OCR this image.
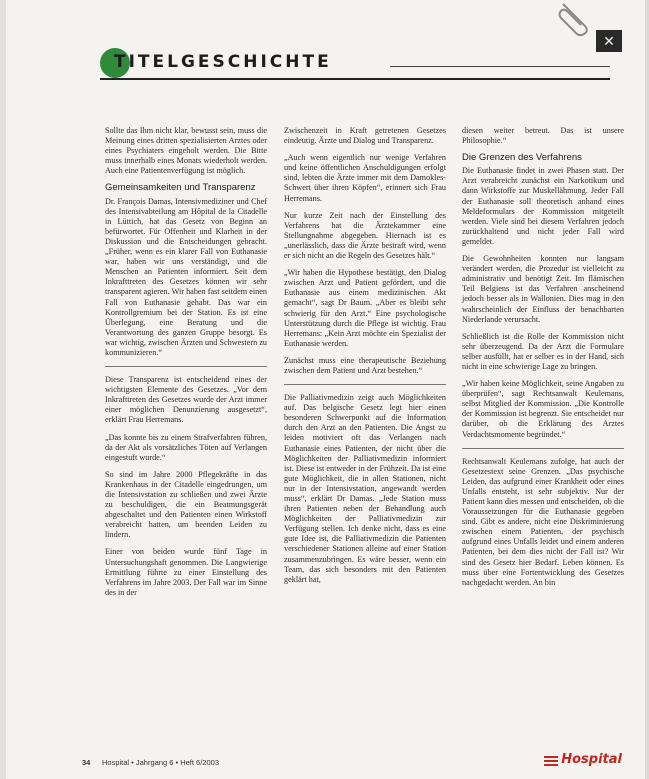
TITELGESCHICHTE
✕

Sollte das Ihm nicht klar, bewusst sein, muss die Meinung eines dritten spezialisierten Arztes oder eines Psychiaters eingeholt werden. Die Bitte muss innerhalb eines Monats wiederholt werden. Auch eine Patientenverfügung ist möglich.

Gemeinsamkeiten und Transparenz

Dr. François Damas, Intensivmediziner und Chef des Intensivabteilung am Hôpital de la Citadelle in Lüttich, hat das Gesetz von Beginn an befürwortet. Für Offenheit und Klarheit in der Diskussion und die Entscheidungen gebracht. „Früher, wenn es ein klarer Fall von Euthanasie war, haben wir uns verständigt, und die Menschen an Patienten informiert. Seit dem Inkrafttreten des Gesetzes können wir sehr transparent agieren. Wir haben fast seitdem einen Fall von Euthanasie gehabt. Das war ein Kontrollgremium bei der Station. Es ist eine Überlegung, eine Beratung und die Verantwortung des ganzen Gruppe besorgt. Es war wichtig, zwischen Ärzten und Schwestern zu kommunizieren.“

Diese Transparenz ist entscheidend eines der wichtigsten Elemente des Gesetzes. „Vor dem Inkrafttreten des Gesetzes wurde der Arzt immer einer möglichen Denunzierung ausgesetzt“, erklärt Frau Herremans.

„Das konnte bis zu einem Strafverfahren führen, da der Akt als vorsätzliches Töten auf Verlangen eingestuft wurde.“

So sind im Jahre 2000 Pflegekräfte in das Krankenhaus in der Citadelle eingedrungen, um die Intensivstation zu schließen und zwei Ärzte zu beschuldigen, die ein Beatmungsgerät abgeschaltet und den Patienten einen Wirkstoff verabreicht hatten, um beenden Leiden zu lindern.

Einer von beiden wurde fünf Tage in Untersuchungshaft genommen. Die Langwierige Ermittlung führte zu einer Einstellung des Verfahrens im Jahre 2003. Der Fall war im Sinne des in der

Zwischenzeit in Kraft getretenen Gesetzes eindeutig. Ärzte und Dialog und Transparenz.

„Auch wenn eigentlich nur wenige Verfahren und keine öffentlichen Anschuldigungen erfolgt sind, lebten die Ärzte immer mit dem Damokles-Schwert über ihren Köpfen“, erinnert sich Frau Herremans.

Nur kurze Zeit nach der Einstellung des Verfahrens hat die Ärztekammer eine Stellungnahme abgegeben. Hiernach ist es „unerlässlich, dass die Ärzte bestraft wird, wenn er sich nicht an die Regeln des Gesetzes hält.“

„Wir haben die Hypothese bestätigt, den Dialog zwischen Arzt und Patient gefördert, und die Euthanasie aus einem medizinischen Akt gemacht“, sagt Dr Baum. „Aber es bleibt sehr schwierig für den Arzt.“ Eine psychologische Unterstützung durch die Pflege ist wichtig. Frau Herremans: „Kein Arzt möchte ein Spezialist der Euthanasie werden.

Zunächst muss eine therapeutische Beziehung zwischen dem Patient und Arzt bestehen.“

Die Palliativmedizin zeigt auch Möglichkeiten auf. Das belgische Gesetz legt hier einen besonderen Schwerpunkt auf die Information durch den Arzt an den Patienten. Die Angst zu leiden motiviert oft das Verlangen nach Euthanasie eines Patienten, der nicht über die Möglichkeiten der Palliativmedizin informiert ist. Diese ist entweder in der Frühzeit. Da ist eine gute Möglichkeit, die in allen Stationen, nicht nur in der Intensivstation, angewandt werden muss“, erklärt Dr Damas. „Jede Station muss ihren Patienten neben der Behandlung auch Möglichkeiten der Palliativmedizin zur Verfügung stellen. Ich denke nicht, dass es eine gute Idee ist, die Palliativmedizin die Patienten verschiedener Stationen alleine auf einer Station zusammenzubringen. Es wäre besser, wenn ein Team, das sich besonders mit den Patienten geklärt hat,

diesen weiter betreut. Das ist unsere Philosophie.“

Die Grenzen des Verfahrens

Die Euthanasie findet in zwei Phasen statt. Der Arzt verabreicht zunächst ein Narkotikum und dann Wirkstoffe zur Muskellähmung. Jeder Fall der Euthanasie soll theoretisch anhand eines Meldeformulars der Kommission mitgeteilt werden. Viele sind bei diesem Verfahren jedoch zurückhaltend und nicht jeder Fall wird gemeldet.

Die Gewohnheiten konnten nur langsam verändert werden, die Prozedur ist vielleicht zu administrativ und benötigt Zeit. Im flämischen Teil Belgiens ist das Verfahren anscheinend jedoch besser als in Wallonien. Dies mag in den wahrscheinlich der Einfluss der benachbarten Niederlande verursacht.

Schließlich ist die Rolle der Kommission nicht sehr überzeugend. Da der Arzt die Formulare selber ausfüllt, hat er selber es in der Hand, sich nicht in eine schwierige Lage zu bringen.

„Wir haben keine Möglichkeit, seine Angaben zu überprüfen“, sagt Rechtsanwalt Keulemans, selbst Mitglied der Kommission. „Die Kontrolle der Kommission ist begrenzt. Sie entscheidet nur darüber, ob die Erklärung des Arztes Verdachtsmomente begründet.“

Rechtsanwalt Keulemans zufolge, hat auch der Gesetzestext seine Grenzen. „Das psychische Leiden, das aufgrund einer Krankheit oder eines Unfalls entsteht, ist sehr subjektiv. Nur der Patient kann dies messen und entscheiden, ob die Voraussetzungen für die Euthanasie gegeben sind. Gibt es andere, nicht eine Diskriminierung zwischen einem Patienten, der psychisch aufgrund eines Unfalls leidet und einem anderen Patienten, bei dem dies nicht der Fall ist? Wir sind des Gesetz hier Bedarf. Leben können. Es muss über eine Fortentwicklung des Gesetzes nachgedacht werden. An bin

34 Hospital • Jahrgang 6 • Heft 6/2003	Hospital
